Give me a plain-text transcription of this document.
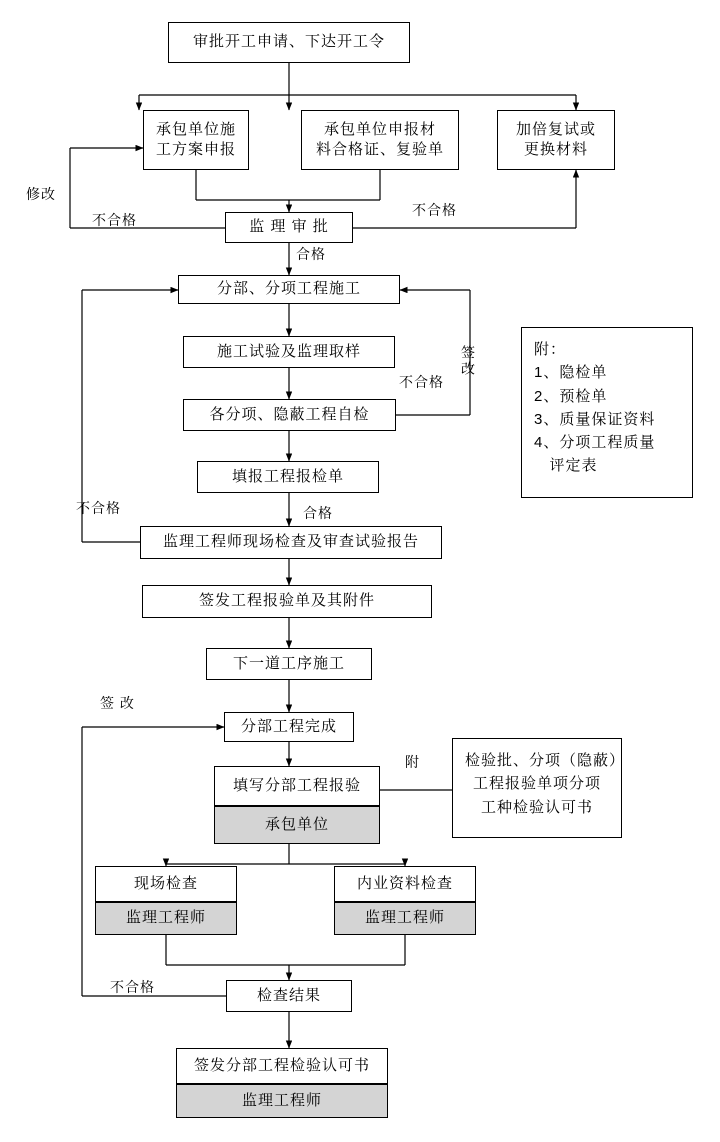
审批开工申请、下达开工令
承包单位施
工方案申报
承包单位申报材
料合格证、复验单
加倍复试或
更换材料
监 理 审 批
分部、分项工程施工
施工试验及监理取样
各分项、隐蔽工程自检
填报工程报检单
监理工程师现场检查及审查试验报告
签发工程报验单及其附件
下一道工序施工
分部工程完成
填写分部工程报验
承包单位
现场检查
监理工程师
内业资料检查
监理工程师
检查结果
签发分部工程检验认可书
监理工程师
附：
1、隐检单
2、预检单
3、质量保证资料
4、分项工程质量
评定表
检验批、分项（隐蔽）
工程报验单项分项
工种检验认可书
修改
不合格
不合格
合格
不合格
签改
不合格	合格
签 改
附
不合格
